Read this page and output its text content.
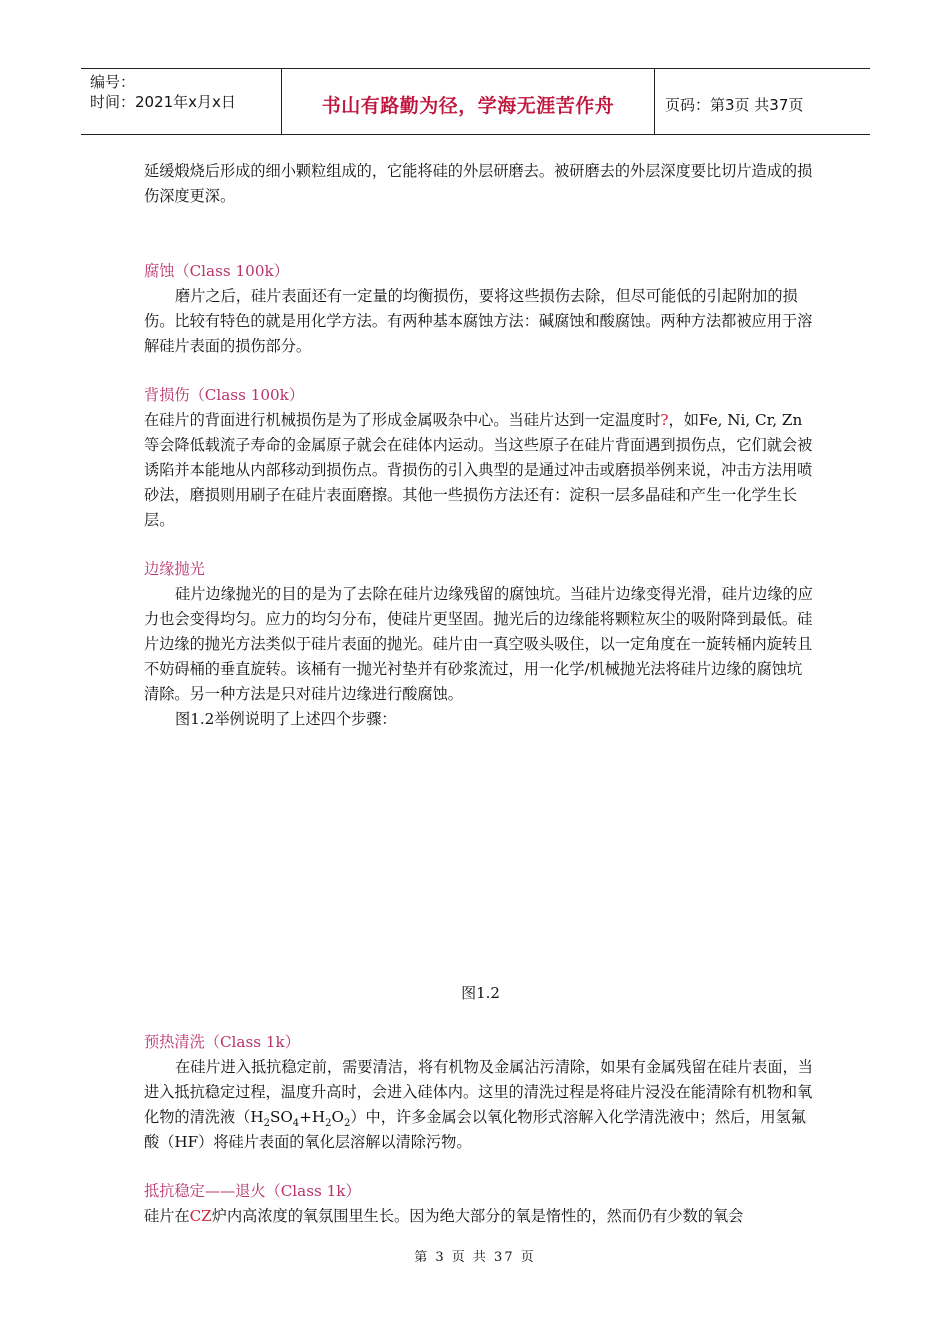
编号：
时间：2021年x月x日	书山有路勤为径，学海无涯苦作舟	页码：第3页 共37页

延缓煅烧后形成的细小颗粒组成的，它能将硅的外层研磨去。被研磨去的外层深度要比切片造成的损伤深度更深。

腐蚀（Class 100k）

磨片之后，硅片表面还有一定量的均衡损伤，要将这些损伤去除，但尽可能低的引起附加的损伤。比较有特色的就是用化学方法。有两种基本腐蚀方法：碱腐蚀和酸腐蚀。两种方法都被应用于溶解硅片表面的损伤部分。

背损伤（Class 100k）

在硅片的背面进行机械损伤是为了形成金属吸杂中心。当硅片达到一定温度时?，如Fe, Ni, Cr, Zn等会降低载流子寿命的金属原子就会在硅体内运动。当这些原子在硅片背面遇到损伤点，它们就会被诱陷并本能地从内部移动到损伤点。背损伤的引入典型的是通过冲击或磨损举例来说，冲击方法用喷砂法，磨损则用刷子在硅片表面磨擦。其他一些损伤方法还有：淀积一层多晶硅和产生一化学生长层。

边缘抛光

硅片边缘抛光的目的是为了去除在硅片边缘残留的腐蚀坑。当硅片边缘变得光滑，硅片边缘的应力也会变得均匀。应力的均匀分布，使硅片更坚固。抛光后的边缘能将颗粒灰尘的吸附降到最低。硅片边缘的抛光方法类似于硅片表面的抛光。硅片由一真空吸头吸住，以一定角度在一旋转桶内旋转且不妨碍桶的垂直旋转。该桶有一抛光衬垫并有砂浆流过，用一化学/机械抛光法将硅片边缘的腐蚀坑清除。另一种方法是只对硅片边缘进行酸腐蚀。

图1.2举例说明了上述四个步骤：

图1.2
预热清洗（Class 1k）

在硅片进入抵抗稳定前，需要清洁，将有机物及金属沾污清除，如果有金属残留在硅片表面，当进入抵抗稳定过程，温度升高时，会进入硅体内。这里的清洗过程是将硅片浸没在能清除有机物和氧化物的清洗液$(H_2SO_4+H_2O_2)$中，许多金属会以氧化物形式溶解入化学清洗液中；然后，用氢氟酸（HF）将硅片表面的氧化层溶解以清除污物。

抵抗稳定——退火（Class 1k）

硅片在CZ炉内高浓度的氧氛围里生长。因为绝大部分的氧是惰性的，然而仍有少数的氧会

第 3 页 共 37 页
